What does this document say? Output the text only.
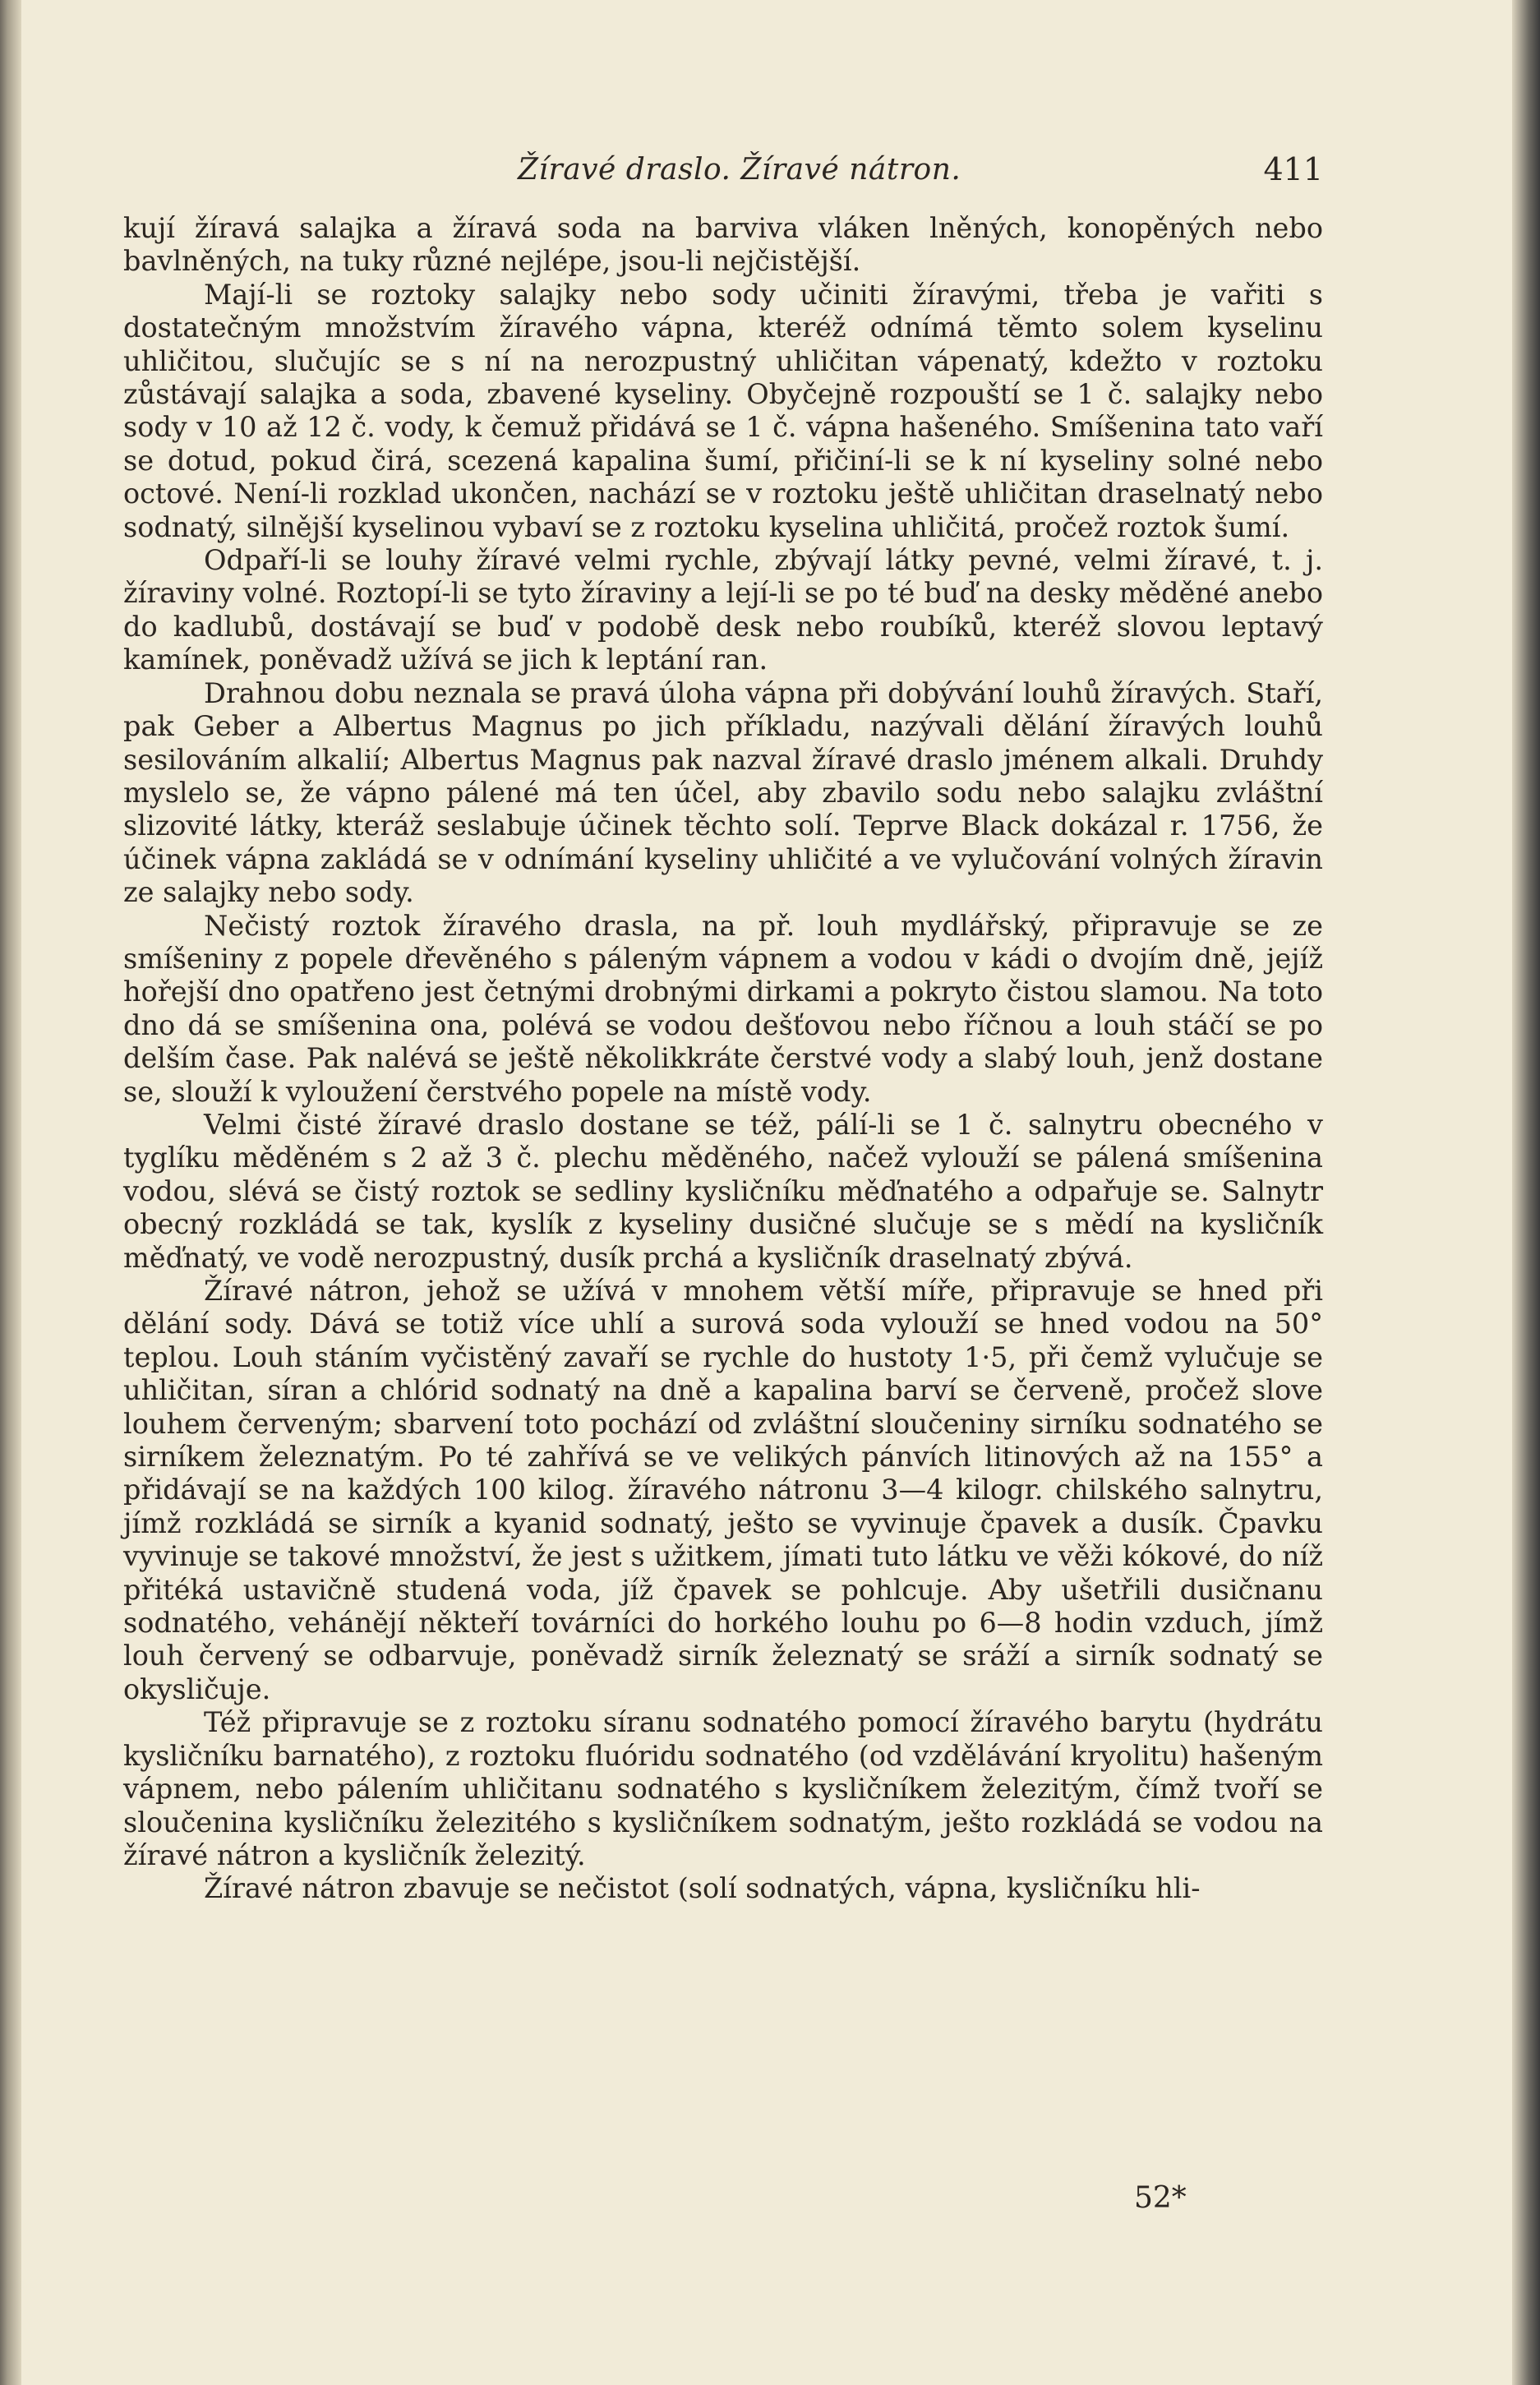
Žíravé draslo. Žíravé nátron.	411

kují žíravá salajka a žíravá soda na barviva vláken lněných, konopěných nebo bavlněných, na tuky různé nejlépe, jsou-li nejčistější.

Mají-li se roztoky salajky nebo sody učiniti žíravými, třeba je vařiti s dostatečným množstvím žíravého vápna, kteréž odnímá těmto solem kyselinu uhličitou, slučujíc se s ní na nerozpustný uhličitan vápenatý, kdežto v roztoku zůstávají salajka a soda, zbavené kyseliny. Obyčejně rozpouští se 1 č. salajky nebo sody v 10 až 12 č. vody, k čemuž přidává se 1 č. vápna hašeného. Smíšenina tato vaří se dotud, pokud čirá, scezená kapalina šumí, přičiní-li se k ní kyseliny solné nebo octové. Není-li rozklad ukončen, nachází se v roztoku ještě uhličitan draselnatý nebo sodnatý, silnější kyselinou vybaví se z roztoku kyselina uhličitá, pročež roztok šumí.

Odpaří-li se louhy žíravé velmi rychle, zbývají látky pevné, velmi žíravé, t. j. žíraviny volné. Roztopí-li se tyto žíraviny a lejí-li se po té buď na desky měděné anebo do kadlubů, dostávají se buď v podobě desk nebo roubíků, kteréž slovou leptavý kamínek, poněvadž užívá se jich k leptání ran.

Drahnou dobu neznala se pravá úloha vápna při dobývání louhů žíravých. Staří, pak Geber a Albertus Magnus po jich příkladu, nazývali dělání žíravých louhů sesilováním alkalií; Albertus Magnus pak nazval žíravé draslo jménem alkali. Druhdy myslelo se, že vápno pálené má ten účel, aby zbavilo sodu nebo salajku zvláštní slizovité látky, kteráž seslabuje účinek těchto solí. Teprve Black dokázal r. 1756, že účinek vápna zakládá se v odnímání kyseliny uhličité a ve vylučování volných žíravin ze salajky nebo sody.

Nečistý roztok žíravého drasla, na př. louh mydlářský, připravuje se ze smíšeniny z popele dřevěného s páleným vápnem a vodou v kádi o dvojím dně, jejíž hořejší dno opatřeno jest četnými drobnými dirkami a pokryto čistou slamou. Na toto dno dá se smíšenina ona, polévá se vodou dešťovou nebo říčnou a louh stáčí se po delším čase. Pak nalévá se ještě několikkráte čerstvé vody a slabý louh, jenž dostane se, slouží k vyloužení čerstvého popele na místě vody.

Velmi čisté žíravé draslo dostane se též, pálí-li se 1 č. salnytru obecného v tyglíku měděném s 2 až 3 č. plechu měděného, načež vylouží se pálená smíšenina vodou, slévá se čistý roztok se sedliny kysličníku měďnatého a odpařuje se. Salnytr obecný rozkládá se tak, kyslík z kyseliny dusičné slučuje se s mědí na kysličník měďnatý, ve vodě nerozpustný, dusík prchá a kysličník draselnatý zbývá.

Žíravé nátron, jehož se užívá v mnohem větší míře, připravuje se hned při dělání sody. Dává se totiž více uhlí a surová soda vylouží se hned vodou na 50° teplou. Louh stáním vyčistěný zavaří se rychle do hustoty 1·5, při čemž vylučuje se uhličitan, síran a chlórid sodnatý na dně a kapalina barví se červeně, pročež slove louhem červeným; sbarvení toto pochází od zvláštní sloučeniny sirníku sodnatého se sirníkem železnatým. Po té zahřívá se ve velikých pánvích litinových až na 155° a přidávají se na každých 100 kilog. žíravého nátronu 3—4 kilogr. chilského salnytru, jímž rozkládá se sirník a kyanid sodnatý, ješto se vyvinuje čpavek a dusík. Čpavku vyvinuje se takové množství, že jest s užitkem, jímati tuto látku ve věži kókové, do níž přitéká ustavičně studená voda, jíž čpavek se pohlcuje. Aby ušetřili dusičnanu sodnatého, vehánějí někteří továrníci do horkého louhu po 6—8 hodin vzduch, jímž louh červený se odbarvuje, poněvadž sirník železnatý se sráží a sirník sodnatý se okysličuje.

Též připravuje se z roztoku síranu sodnatého pomocí žíravého barytu (hydrátu kysličníku barnatého), z roztoku fluóridu sodnatého (od vzdělávání kryolitu) hašeným vápnem, nebo pálením uhličitanu sodnatého s kysličníkem železitým, čímž tvoří se sloučenina kysličníku železitého s kysličníkem sodnatým, ješto rozkládá se vodou na žíravé nátron a kysličník železitý.

Žíravé nátron zbavuje se nečistot (solí sodnatých, vápna, kysličníku hli-

52*
